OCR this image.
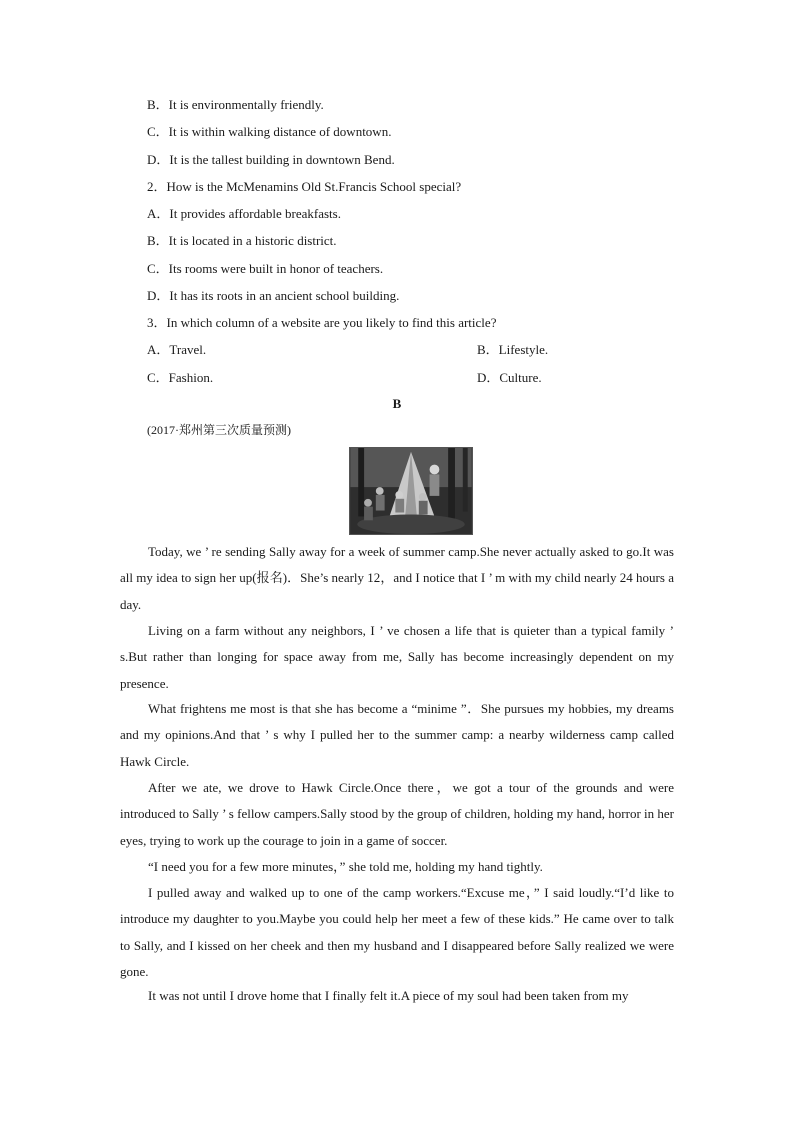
B．It is environmentally friendly.
C．It is within walking distance of downtown.
D．It is the tallest building in downtown Bend.
2．How is the McMenamins Old St.Francis School special?
A．It provides affordable breakfasts.
B．It is located in a historic district.
C．Its rooms were built in honor of teachers.
D．It has its roots in an ancient school building.
3．In which column of a website are you likely to find this article?
A．Travel.	B．Lifestyle.
C．Fashion.	D．Culture.
B
(2017·郑州第三次质量预测)

Today, we ’ re sending Sally away for a week of summer camp.She never actually asked to go.It was all my idea to sign her up(报名)．She’s nearly 12，and I notice that I ’ m with my child nearly 24 hours a day.

Living on a farm without any neighbors, I ’ ve chosen a life that is quieter than a typical family ’ s.But rather than longing for space away from me, Sally has become increasingly dependent on my presence.

What frightens me most is that she has become a “minime ”．She pursues my hobbies, my dreams and my opinions.And that ’ s why I pulled her to the summer camp: a nearby wilderness camp called Hawk Circle.

After we ate, we drove to Hawk Circle.Once there，we got a tour of the grounds and were introduced to Sally ’ s fellow campers.Sally stood by the group of children, holding my hand, horror in her eyes, trying to work up the courage to join in a game of soccer.

“I need you for a few more minutes，” she told me, holding my hand tightly.

I pulled away and walked up to one of the camp workers.“Excuse me，” I said loudly.“I’d like to introduce my daughter to you.Maybe you could help her meet a few of these kids.” He came over to talk to Sally, and I kissed on her cheek and then my husband and I disappeared before Sally realized we were gone.

It was not until I drove home that I finally felt it.A piece of my soul had been taken from my
